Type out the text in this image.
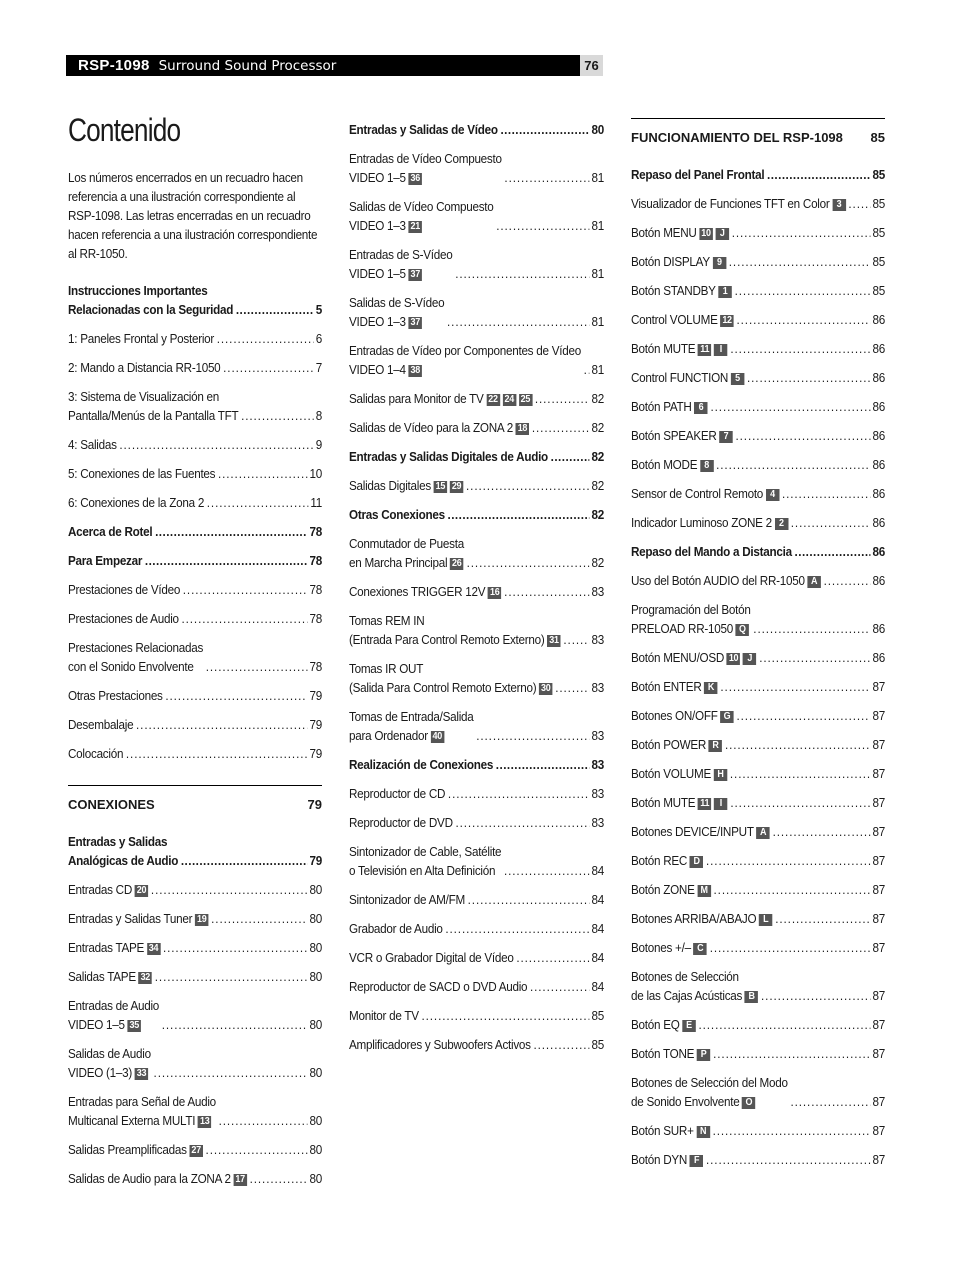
RSP-1098 Surround Sound Processor	76
Contenido

Los números encerrados en un recuadro hacen referencia a una ilustración correspondiente al RSP-1098. Las letras encerradas en un recuadro hacen referencia a una ilustración correspondiente al RR-1050.

Instrucciones Importantes
Relacionadas con la Seguridad .....	5
1: Paneles Frontal y Posterior .....	6
2: Mando a Distancia RR-1050 .....	7
3: Sistema de Visualización en
Pantalla/Menús de la Pantalla TFT .....	8
4: Salidas .....	9
5: Conexiones de las Fuentes .....	10
6: Conexiones de la Zona 2 .....	11
Acerca de Rotel .....	78
Para Empezar .....	78
Prestaciones de Vídeo .....	78
Prestaciones de Audio .....	78
Prestaciones Relacionadas
con el Sonido Envolvente .....	78
Otras Prestaciones .....	79
Desembalaje .....	79
Colocación .....	79
CONEXIONES	79
Entradas y Salidas
Analógicas de Audio .....	79
Entradas CD 20 .....	80
Entradas y Salidas Tuner 19 .....	80
Entradas TAPE 34 .....	80
Salidas TAPE 32 .....	80
Entradas de Audio
VIDEO 1–5 35 .....	80
Salidas de Audio
VIDEO (1–3) 33 .....	80
Entradas para Señal de Audio
Multicanal Externa MULTI 13 .....	80
Salidas Preamplificadas 27 .....	80
Salidas de Audio para la ZONA 2 17 .....	80
Entradas y Salidas de Vídeo .....	80
Entradas de Vídeo Compuesto
VIDEO 1–5 36 .....	81
Salidas de Vídeo Compuesto
VIDEO 1–3 21 .....	81
Entradas de S-Vídeo
VIDEO 1–5 37 .....	81
Salidas de S-Vídeo
VIDEO 1–3 37 .....	81
Entradas de Vídeo por Componentes de Vídeo
VIDEO 1–4 38 .....	81
Salidas para Monitor de TV 22 24 25 .....	82
Salidas de Vídeo para la ZONA 2 18 .....	82
Entradas y Salidas Digitales de Audio .....	82
Salidas Digitales 15 29 .....	82
Otras Conexiones .....	82
Conmutador de Puesta
en Marcha Principal 26 .....	82
Conexiones TRIGGER 12V 16 .....	83
Tomas REM IN
(Entrada Para Control Remoto Externo) 31 .....	83
Tomas IR OUT
(Salida Para Control Remoto Externo) 30 .....	83
Tomas de Entrada/Salida
para Ordenador 40 .....	83
Realización de Conexiones .....	83
Reproductor de CD .....	83
Reproductor de DVD .....	83
Sintonizador de Cable, Satélite
o Televisión en Alta Definición .....	84
Sintonizador de AM/FM .....	84
Grabador de Audio .....	84
VCR o Grabador Digital de Vídeo .....	84
Reproductor de SACD o DVD Audio .....	84
Monitor de TV .....	85
Amplificadores y Subwoofers Activos .....	85
FUNCIONAMIENTO DEL RSP-1098 85
Repaso del Panel Frontal .....	85
Visualizador de Funciones TFT en Color 3 .....	85
Botón MENU 10 J .....	85
Botón DISPLAY 9 .....	85
Botón STANDBY 1 .....	85
Control VOLUME 12 .....	86
Botón MUTE 11 I .....	86
Control FUNCTION 5 .....	86
Botón PATH 6 .....	86
Botón SPEAKER 7 .....	86
Botón MODE 8 .....	86
Sensor de Control Remoto 4 .....	86
Indicador Luminoso ZONE 2 2 .....	86
Repaso del Mando a Distancia .....	86
Uso del Botón AUDIO del RR-1050 A .....	86
Programación del Botón
PRELOAD RR-1050 Q .....	86
Botón MENU/OSD 10 J .....	86
Botón ENTER K .....	87
Botones ON/OFF G .....	87
Botón POWER R .....	87
Botón VOLUME H .....	87
Botón MUTE 11 I .....	87
Botones DEVICE/INPUT A .....	87
Botón REC D .....	87
Botón ZONE M .....	87
Botones ARRIBA/ABAJO L .....	87
Botones +/– C .....	87
Botones de Selección
de las Cajas Acústicas B .....	87
Botón EQ E .....	87
Botón TONE P .....	87
Botones de Selección del Modo
de Sonido Envolvente O .....	87
Botón SUR+ N .....	87
Botón DYN F .....	87
